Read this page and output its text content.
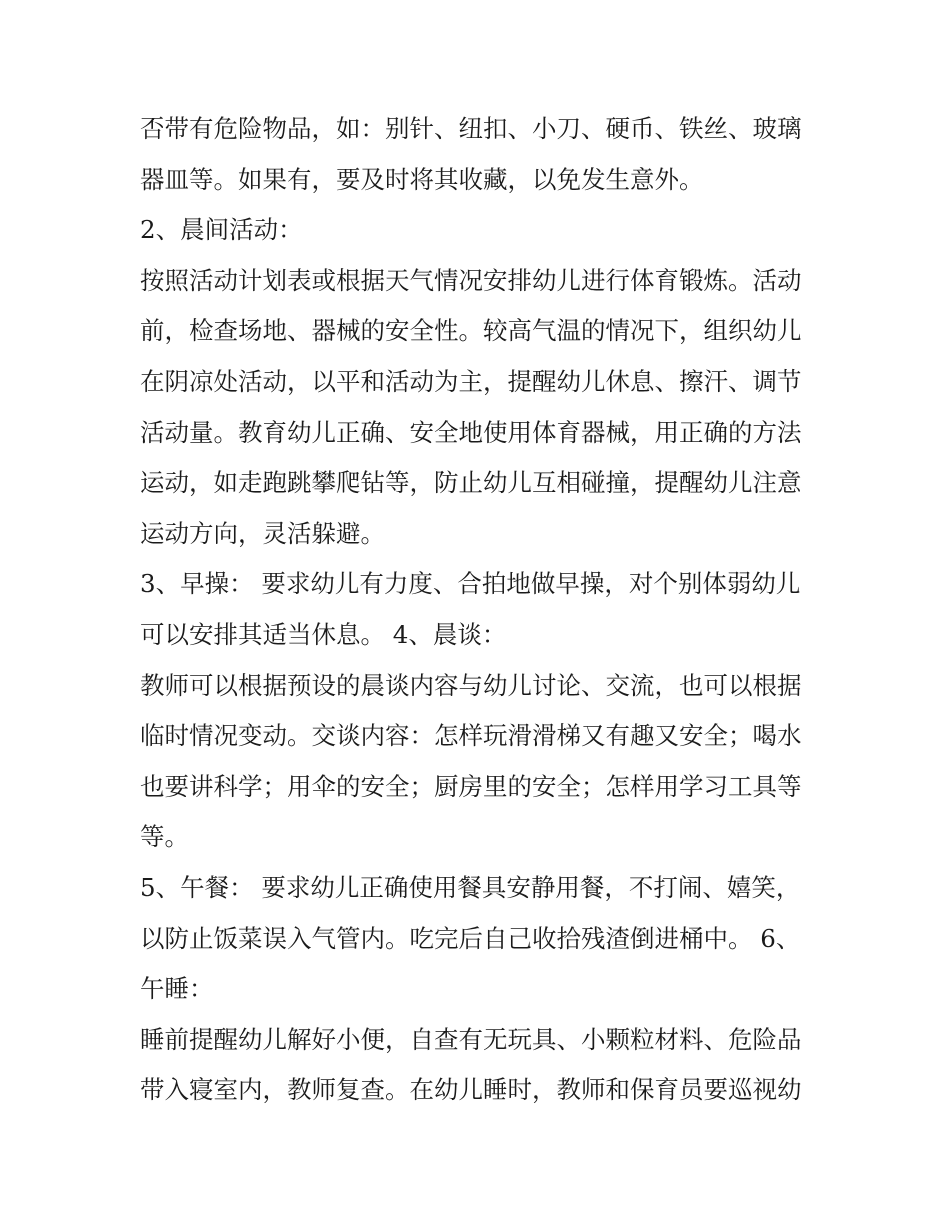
否带有危险物品，如：别针、纽扣、小刀、硬币、铁丝、玻璃
器皿等。如果有，要及时将其收藏，以免发生意外。
2、晨间活动：
按照活动计划表或根据天气情况安排幼儿进行体育锻炼。活动
前，检查场地、器械的安全性。较高气温的情况下，组织幼儿
在阴凉处活动，以平和活动为主，提醒幼儿休息、擦汗、调节
活动量。教育幼儿正确、安全地使用体育器械，用正确的方法
运动，如走跑跳攀爬钻等，防止幼儿互相碰撞，提醒幼儿注意
运动方向，灵活躲避。
3、早操： 要求幼儿有力度、合拍地做早操，对个别体弱幼儿
可以安排其适当休息。 4、晨谈：
教师可以根据预设的晨谈内容与幼儿讨论、交流，也可以根据
临时情况变动。交谈内容：怎样玩滑滑梯又有趣又安全；喝水
也要讲科学；用伞的安全；厨房里的安全；怎样用学习工具等
等。
5、午餐： 要求幼儿正确使用餐具安静用餐，不打闹、嬉笑，
以防止饭菜误入气管内。吃完后自己收拾残渣倒进桶中。 6、
午睡：
睡前提醒幼儿解好小便，自查有无玩具、小颗粒材料、危险品
带入寝室内，教师复查。在幼儿睡时，教师和保育员要巡视幼
